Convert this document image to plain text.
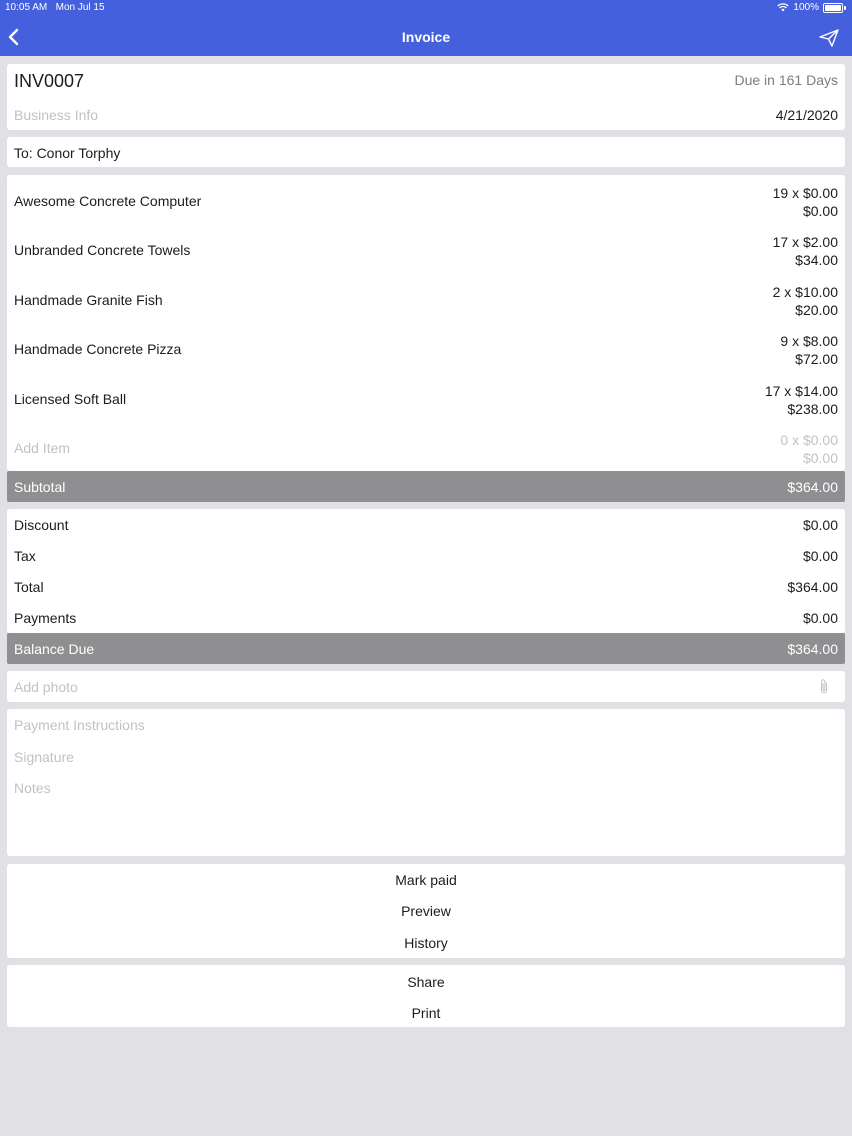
10:05 AM Mon Jul 15	100%
Invoice
INV0007	Due in 161 Days
Business Info	4/21/2020
To: Conor Torphy
Awesome Concrete Computer	19 x $0.00
$0.00
Unbranded Concrete Towels	17 x $2.00
$34.00
Handmade Granite Fish	2 x $10.00
$20.00
Handmade Concrete Pizza	9 x $8.00
$72.00
Licensed Soft Ball	17 x $14.00
$238.00
Add Item	0 x $0.00
$0.00
Subtotal	$364.00
Discount	$0.00
Tax	$0.00
Total	$364.00
Payments	$0.00
Balance Due	$364.00
Add photo
Payment Instructions
Signature
Notes
Mark paid
Preview
History
Share
Print
